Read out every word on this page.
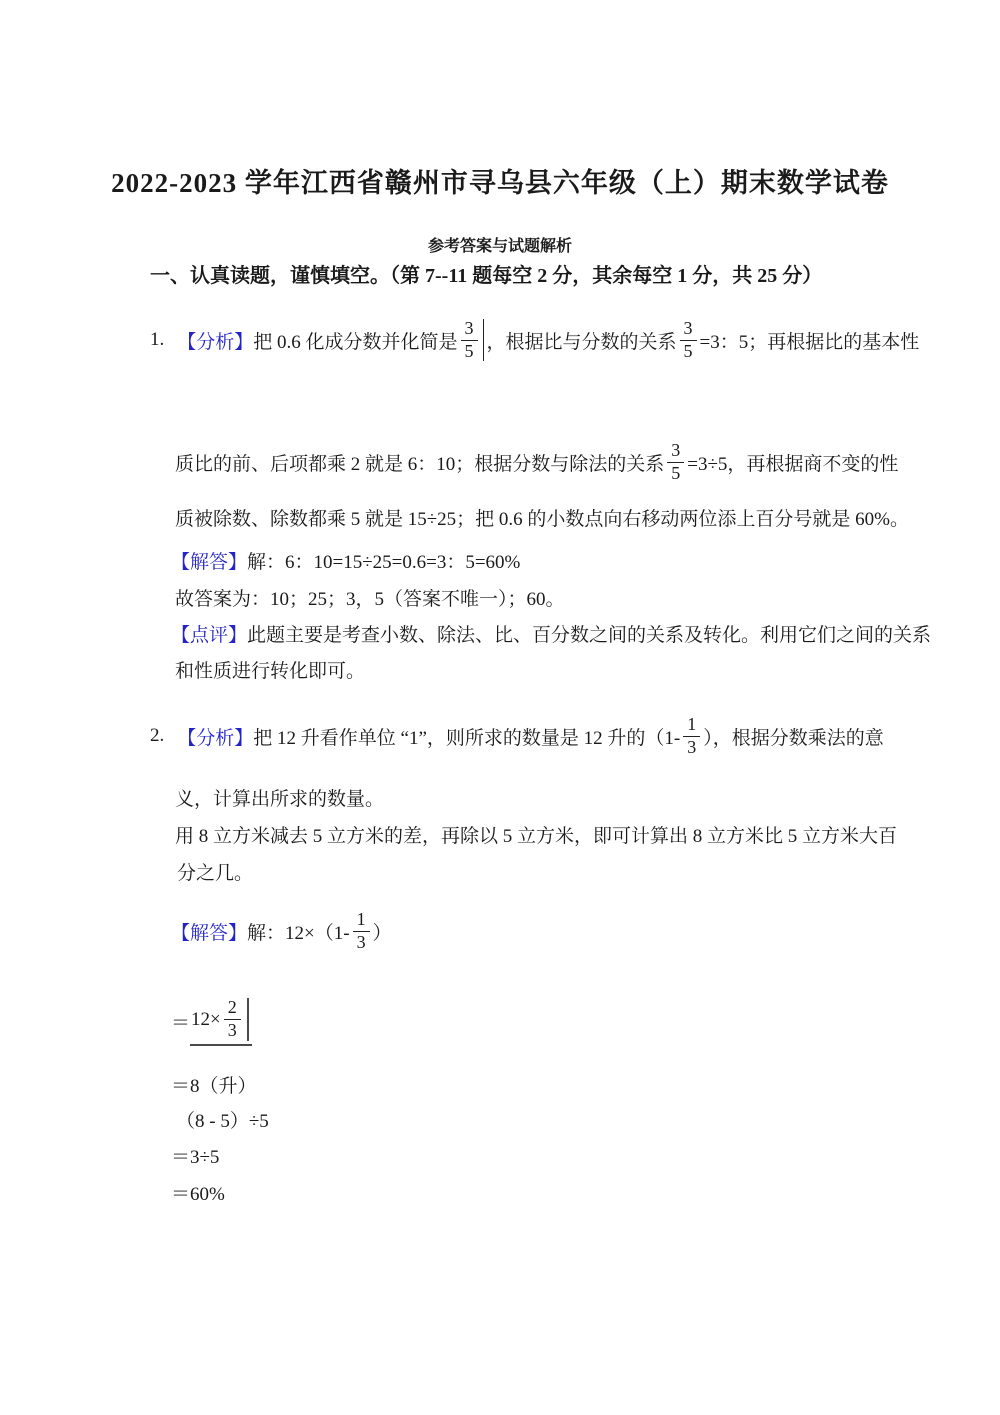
2022-2023 学年江西省赣州市寻乌县六年级（上）期末数学试卷
参考答案与试题解析
一、认真读题，谨慎填空。（第 7--11 题每空 2 分，其余每空 1 分，共 25 分）
1. 【分析】 把 0.6 化成分数并化简是 $\frac{3}{5}$ ，根据比与分数的关系 $\frac{3}{5} =3$：5；再根据比的基本性
质比的前、后项都乘 2 就是 6：10；根据分数与除法的关系 $\frac{3}{5} =3\div 5$，再根据商不变的性
质被除数、除数都乘 5 就是 15÷25；把 0.6 的小数点向右移动两位添上百分号就是 60%。
【解答】解：6：10=15÷25=0.6=3：5=60%
故答案为：10；25；3，5（答案不唯一）；60。
【点评】此题主要是考查小数、除法、比、百分数之间的关系及转化。利用它们之间的关系
和性质进行转化即可。
2. 【分析】 把 12 升看作单位 “1”，则所求的数量是 12 升的（$1- \frac{1}{3}$ ），根据分数乘法的意
义，计算出所求的数量。
用 8 立方米减去 5 立方米的差，再除以 5 立方米，即可计算出 8 立方米比 5 立方米大百
分之几。
【解答】 解：$12\times(1- \frac{1}{3}$ ）
＝ $12\times \frac{2}{3}$
＝8（升）
（8 - 5）÷5
＝3÷5
＝60%
